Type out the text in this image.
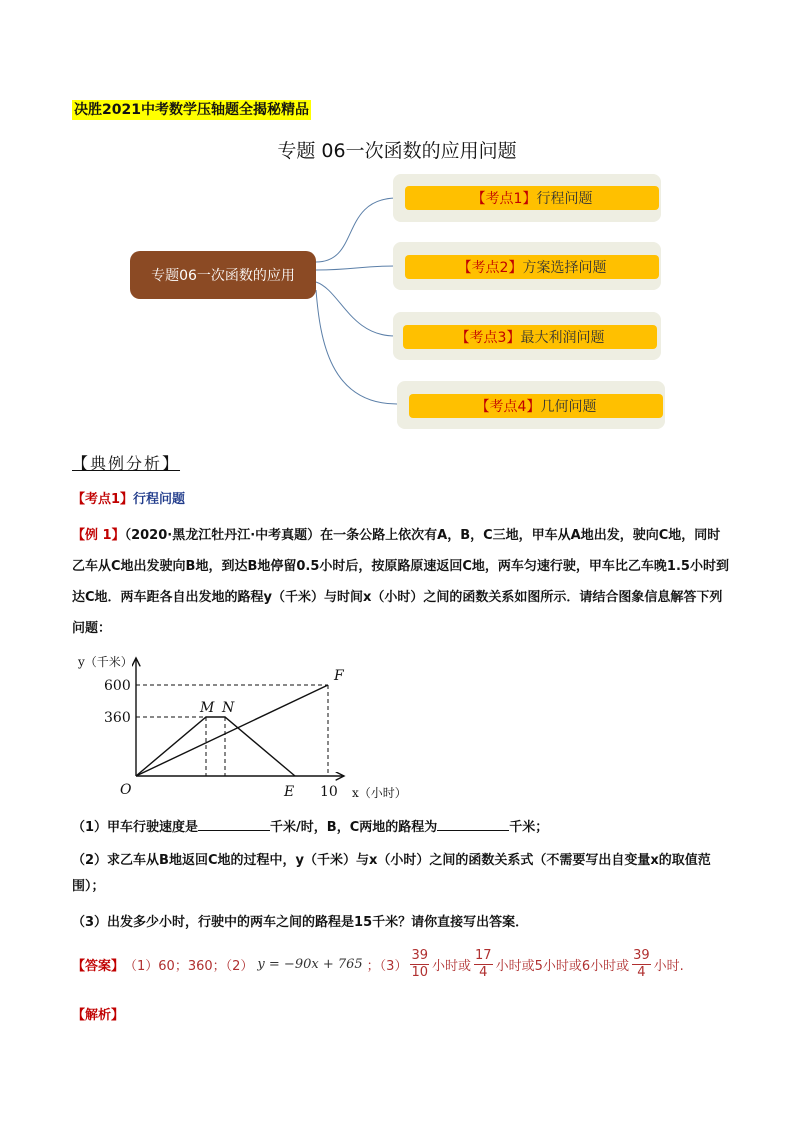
决胜2021中考数学压轴题全揭秘精品
专题 06一次函数的应用问题
专题06一次函数的应用
【考点1】 行程问题
【考点2】 方案选择问题
【考点3】 最大利润问题
【考点4】 几何问题
【典例分析】
【考点1】行程问题
【例 1】（2020·黑龙江牡丹江·中考真题）在一条公路上依次有A，B，C三地，甲车从A地出发，驶向C地，同时乙车从C地出发驶向B地，到达B地停留0.5小时后，按原路原速返回C地，两车匀速行驶，甲车比乙车晚1.5小时到达C地．两车距各自出发地的路程y（千米）与时间x（小时）之间的函数关系如图所示．请结合图象信息解答下列问题：
y（千米）
x（小时）
600
360
10
O
M N
E
F
（1）甲车行驶速度是	千米/时，B，C两地的路程为	千米；
（2）求乙车从B地返回C地的过程中，y（千米）与x（小时）之间的函数关系式（不需要写出自变量x的取值范围）；
（3）出发多少小时，行驶中的两车之间的路程是15千米？请你直接写出答案．
【答案】 （1）60；360；（2） y = −90x + 765 ；$(3) \frac{39}{10}$ 小时或 $\frac{17}{4}$ 小时或5小时或6小时或 $\frac{39}{4}$ 小时.
【解析】
